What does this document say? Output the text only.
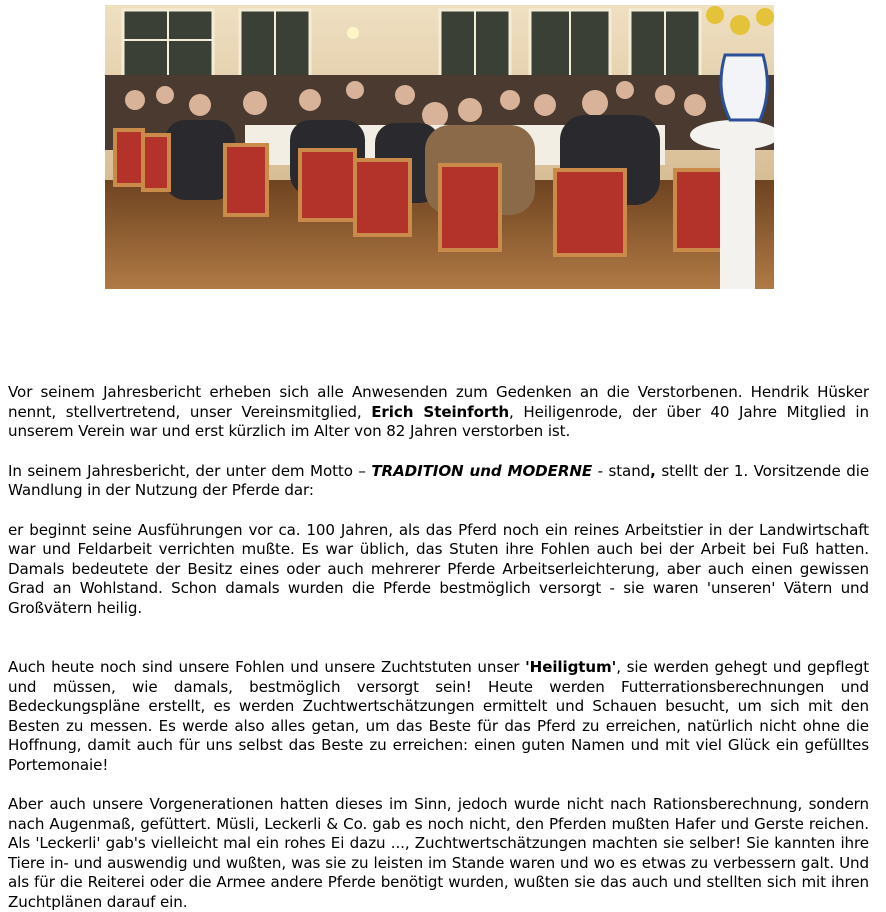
Vor seinem Jahresbericht erheben sich alle Anwesenden zum Gedenken an die Verstorbenen. Hendrik Hüsker nennt, stellvertretend, unser Vereinsmitglied, Erich Steinforth, Heiligenrode, der über 40 Jahre Mitglied in unserem Verein war und erst kürzlich im Alter von 82 Jahren verstorben ist.

In seinem Jahresbericht, der unter dem Motto – TRADITION und MODERNE - stand, stellt der 1. Vorsitzende die Wandlung in der Nutzung der Pferde dar:

er beginnt seine Ausführungen vor ca. 100 Jahren, als das Pferd noch ein reines Arbeitstier in der Landwirtschaft war und Feldarbeit verrichten mußte. Es war üblich, das Stuten ihre Fohlen auch bei der Arbeit bei Fuß hatten. Damals bedeutete der Besitz eines oder auch mehrerer Pferde Arbeitserleichterung, aber auch einen gewissen Grad an Wohlstand. Schon damals wurden die Pferde bestmöglich versorgt - sie waren 'unseren' Vätern und Großvätern heilig.

Auch heute noch sind unsere Fohlen und unsere Zuchtstuten unser 'Heiligtum', sie werden gehegt und gepflegt und müssen, wie damals, bestmöglich versorgt sein! Heute werden Futterrationsberechnungen und Bedeckungspläne erstellt, es werden Zuchtwertschätzungen ermittelt und Schauen besucht, um sich mit den Besten zu messen. Es werde also alles getan, um das Beste für das Pferd zu erreichen, natürlich nicht ohne die Hoffnung, damit auch für uns selbst das Beste zu erreichen: einen guten Namen und mit viel Glück ein gefülltes Portemonaie!

Aber auch unsere Vorgenerationen hatten dieses im Sinn, jedoch wurde nicht nach Rationsberechnung, sondern nach Augenmaß, gefüttert. Müsli, Leckerli & Co. gab es noch nicht, den Pferden mußten Hafer und Gerste reichen. Als 'Leckerli' gab's vielleicht mal ein rohes Ei dazu ..., Zuchtwertschätzungen machten sie selber! Sie kannten ihre Tiere in- und auswendig und wußten, was sie zu leisten im Stande waren und wo es etwas zu verbessern galt. Und als für die Reiterei oder die Armee andere Pferde benötigt wurden, wußten sie das auch und stellten sich mit ihren Zuchtplänen darauf ein.
